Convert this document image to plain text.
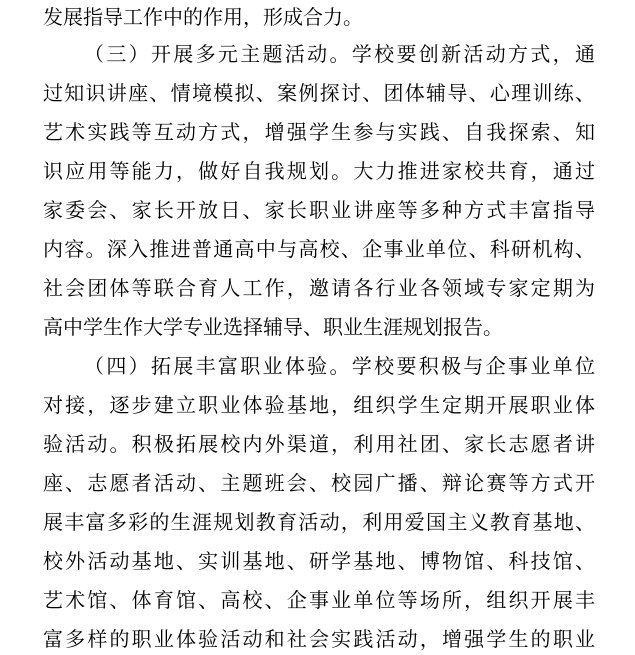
发展指导工作中的作用，形成合力。
（三）开展多元主题活动。学校要创新活动方式，通
过知识讲座、情境模拟、案例探讨、团体辅导、心理训练、
艺术实践等互动方式，增强学生参与实践、自我探索、知
识应用等能力，做好自我规划。大力推进家校共育，通过
家委会、家长开放日、家长职业讲座等多种方式丰富指导
内容。深入推进普通高中与高校、企事业单位、科研机构、
社会团体等联合育人工作，邀请各行业各领域专家定期为
高中学生作大学专业选择辅导、职业生涯规划报告。
（四）拓展丰富职业体验。学校要积极与企事业单位
对接，逐步建立职业体验基地，组织学生定期开展职业体
验活动。积极拓展校内外渠道，利用社团、家长志愿者讲
座、志愿者活动、主题班会、校园广播、辩论赛等方式开
展丰富多彩的生涯规划教育活动，利用爱国主义教育基地、
校外活动基地、实训基地、研学基地、博物馆、科技馆、
艺术馆、体育馆、高校、企事业单位等场所，组织开展丰
富多样的职业体验活动和社会实践活动，增强学生的职业
